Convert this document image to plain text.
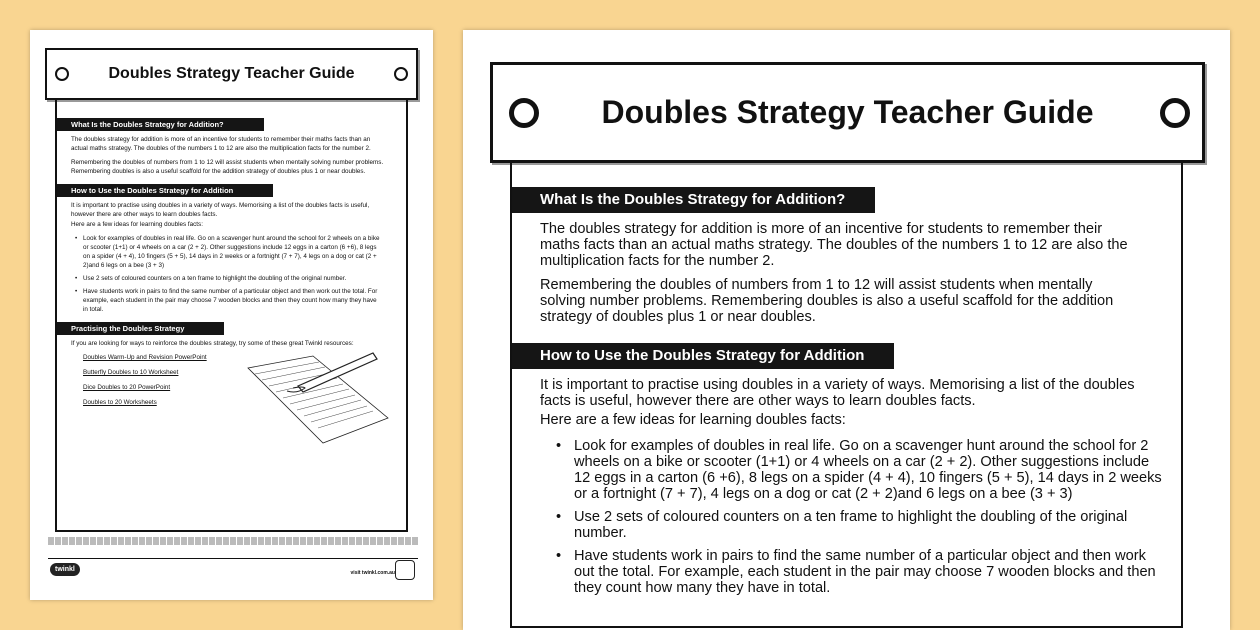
Doubles Strategy Teacher Guide
What Is the Doubles Strategy for Addition?

The doubles strategy for addition is more of an incentive for students to remember their maths facts than an actual maths strategy. The doubles of the numbers 1 to 12 are also the multiplication facts for the number 2.

Remembering the doubles of numbers from 1 to 12 will assist students when mentally solving number problems. Remembering doubles is also a useful scaffold for the addition strategy of doubles plus 1 or near doubles.

How to Use the Doubles Strategy for Addition

It is important to practise using doubles in a variety of ways. Memorising a list of the doubles facts is useful, however there are other ways to learn doubles facts.

Here are a few ideas for learning doubles facts:

• Look for examples of doubles in real life. Go on a scavenger hunt around the school for 2 wheels on a bike or scooter (1+1) or 4 wheels on a car (2 + 2). Other suggestions include 12 eggs in a carton (6 +6), 8 legs on a spider (4 + 4), 10 fingers (5 + 5), 14 days in 2 weeks or a fortnight (7 + 7), 4 legs on a dog or cat (2 + 2)and 6 legs on a bee (3 + 3)
• Use 2 sets of coloured counters on a ten frame to highlight the doubling of the original number.
• Have students work in pairs to find the same number of a particular object and then work out the total. For example, each student in the pair may choose 7 wooden blocks and then they count how many they have in total.
Practising the Doubles Strategy

If you are looking for ways to reinforce the doubles strategy, try some of these great Twinkl resources:

Doubles Warm-Up and Revision PowerPoint
Butterfly Doubles to 10 Worksheet
Dice Doubles to 20 PowerPoint
Doubles to 20 Worksheets
twinkl	visit twinkl.com.au
Doubles Strategy Teacher Guide
What Is the Doubles Strategy for Addition?

The doubles strategy for addition is more of an incentive for students to remember their maths facts than an actual maths strategy. The doubles of the numbers 1 to 12 are also the multiplication facts for the number 2.

Remembering the doubles of numbers from 1 to 12 will assist students when mentally solving number problems. Remembering doubles is also a useful scaffold for the addition strategy of doubles plus 1 or near doubles.

How to Use the Doubles Strategy for Addition

It is important to practise using doubles in a variety of ways. Memorising a list of the doubles facts is useful, however there are other ways to learn doubles facts.

Here are a few ideas for learning doubles facts:

• Look for examples of doubles in real life. Go on a scavenger hunt around the school for 2 wheels on a bike or scooter (1+1) or 4 wheels on a car (2 + 2). Other suggestions include 12 eggs in a carton (6 +6), 8 legs on a spider (4 + 4), 10 fingers (5 + 5), 14 days in 2 weeks or a fortnight (7 + 7), 4 legs on a dog or cat (2 + 2)and 6 legs on a bee (3 + 3)
• Use 2 sets of coloured counters on a ten frame to highlight the doubling of the original number.
• Have students work in pairs to find the same number of a particular object and then work out the total. For example, each student in the pair may choose 7 wooden blocks and then they count how many they have in total.
